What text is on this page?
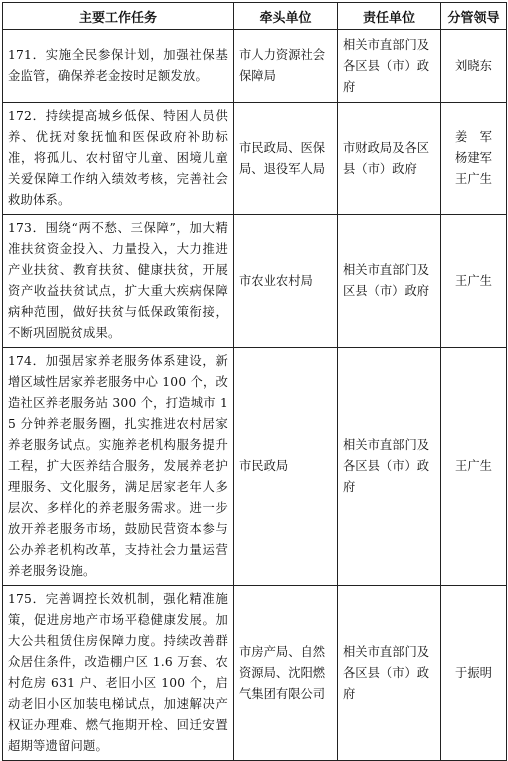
主要工作任务	牵头单位	责任单位	分管领导
171．实施全民参保计划，加强社保基金监管，确保养老金按时足额发放。	市人力资源社会保障局	相关市直部门及各区县（市）政府	刘晓东

172．持续提高城乡低保、特困人员供养、优抚对象抚恤和医保政府补助标准，将孤儿、农村留守儿童、困境儿童关爱保障工作纳入绩效考核，完善社会救助体系。	市民政局、医保局、退役军人局	市财政局及各区县（市）政府	姜　军
杨建军
王广生

173．围绕“两不愁、三保障”，加大精准扶贫资金投入、力量投入，大力推进产业扶贫、教育扶贫、健康扶贫，开展资产收益扶贫试点，扩大重大疾病保障病种范围，做好扶贫与低保政策衔接，不断巩固脱贫成果。	市农业农村局	相关市直部门及区县（市）政府	王广生

174．加强居家养老服务体系建设，新增区域性居家养老服务中心 100 个，改造社区养老服务站 300 个，打造城市 15 分钟养老服务圈，扎实推进农村居家养老服务试点。实施养老机构服务提升工程，扩大医养结合服务，发展养老护理服务、文化服务，满足居家老年人多层次、多样化的养老服务需求。进一步放开养老服务市场，鼓励民营资本参与公办养老机构改革，支持社会力量运营养老服务设施。	市民政局	相关市直部门及各区县（市）政府	王广生

175．完善调控长效机制，强化精准施策，促进房地产市场平稳健康发展。加大公共租赁住房保障力度。持续改善群众居住条件，改造棚户区 1.6 万套、农村危房 631 户、老旧小区 100 个，启动老旧小区加装电梯试点，加速解决产权证办理难、燃气拖期开栓、回迁安置超期等遗留问题。	市房产局、自然资源局、沈阳燃气集团有限公司	相关市直部门及各区县（市）政府	于振明
